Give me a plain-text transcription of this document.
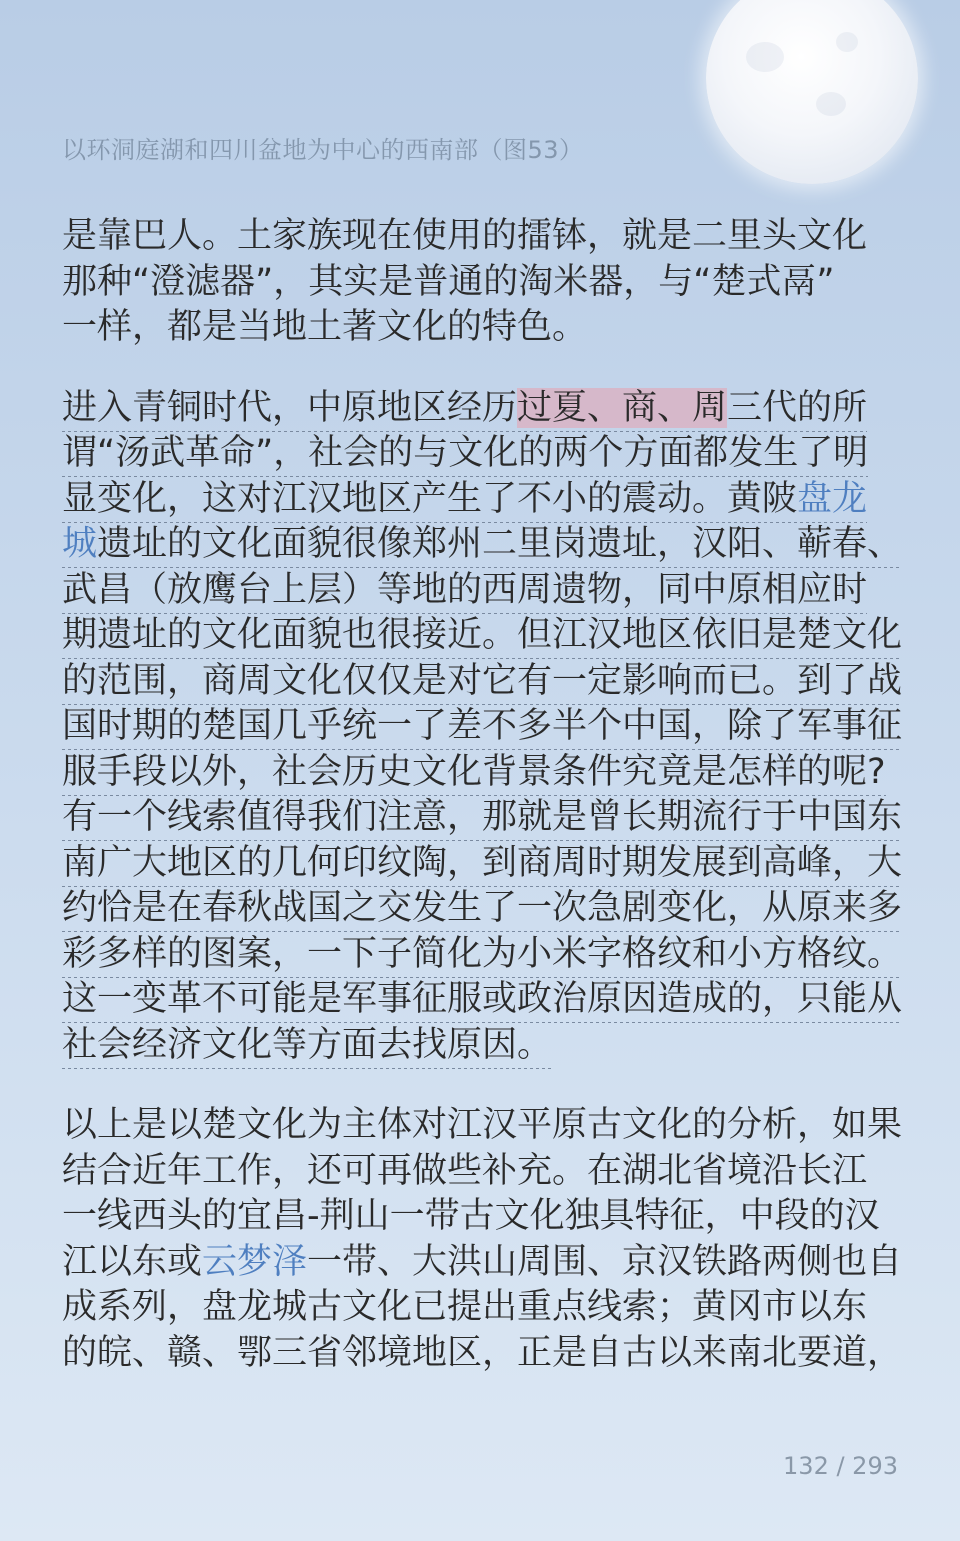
以环洞庭湖和四川盆地为中心的西南部（图53）
是靠巴人。土家族现在使用的擂钵，就是二里头文化
那种“澄滤器”，其实是普通的淘米器，与“楚式鬲”
一样，都是当地土著文化的特色。
进入青铜时代，中原地区经历过夏、商、周三代的所
谓“汤武革命”，社会的与文化的两个方面都发生了明
显变化，这对江汉地区产生了不小的震动。黄陂盘龙
城遗址的文化面貌很像郑州二里岗遗址，汉阳、蕲春、
武昌（放鹰台上层）等地的西周遗物，同中原相应时
期遗址的文化面貌也很接近。但江汉地区依旧是楚文化
的范围，商周文化仅仅是对它有一定影响而已。到了战
国时期的楚国几乎统一了差不多半个中国，除了军事征
服手段以外，社会历史文化背景条件究竟是怎样的呢?
有一个线索值得我们注意，那就是曾长期流行于中国东
南广大地区的几何印纹陶，到商周时期发展到高峰，大
约恰是在春秋战国之交发生了一次急剧变化，从原来多
彩多样的图案，一下子简化为小米字格纹和小方格纹。
这一变革不可能是军事征服或政治原因造成的，只能从
社会经济文化等方面去找原因。
以上是以楚文化为主体对江汉平原古文化的分析，如果
结合近年工作，还可再做些补充。在湖北省境沿长江
一线西头的宜昌-荆山一带古文化独具特征，中段的汉
江以东或云梦泽一带、大洪山周围、京汉铁路两侧也自
成系列，盘龙城古文化已提出重点线索；黄冈市以东
的皖、赣、鄂三省邻境地区，正是自古以来南北要道，
132 / 293
